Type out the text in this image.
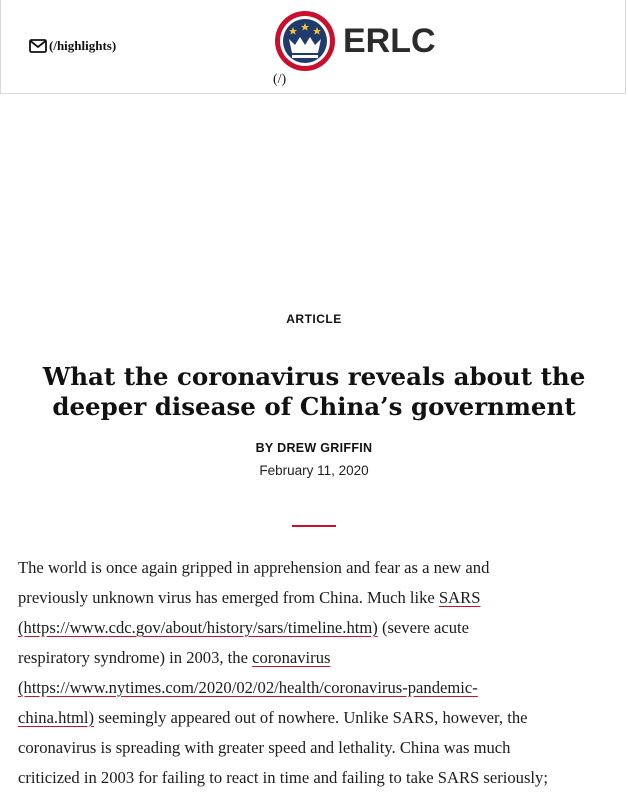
(/highlights)	ERLC
(/)
ARTICLE
What the coronavirus reveals about the
deeper disease of China’s government
BY DREW GRIFFIN
February 11, 2020

The world is once again gripped in apprehension and fear as a new and
previously unknown virus has emerged from China. Much like SARS
(https://www.cdc.gov/about/history/sars/timeline.htm) (severe acute
respiratory syndrome) in 2003, the coronavirus
(https://www.nytimes.com/2020/02/02/health/coronavirus-pandemic-
china.html) seemingly appeared out of nowhere. Unlike SARS, however, the
coronavirus is spreading with greater speed and lethality. China was much
criticized in 2003 for failing to react in time and failing to take SARS seriously;
